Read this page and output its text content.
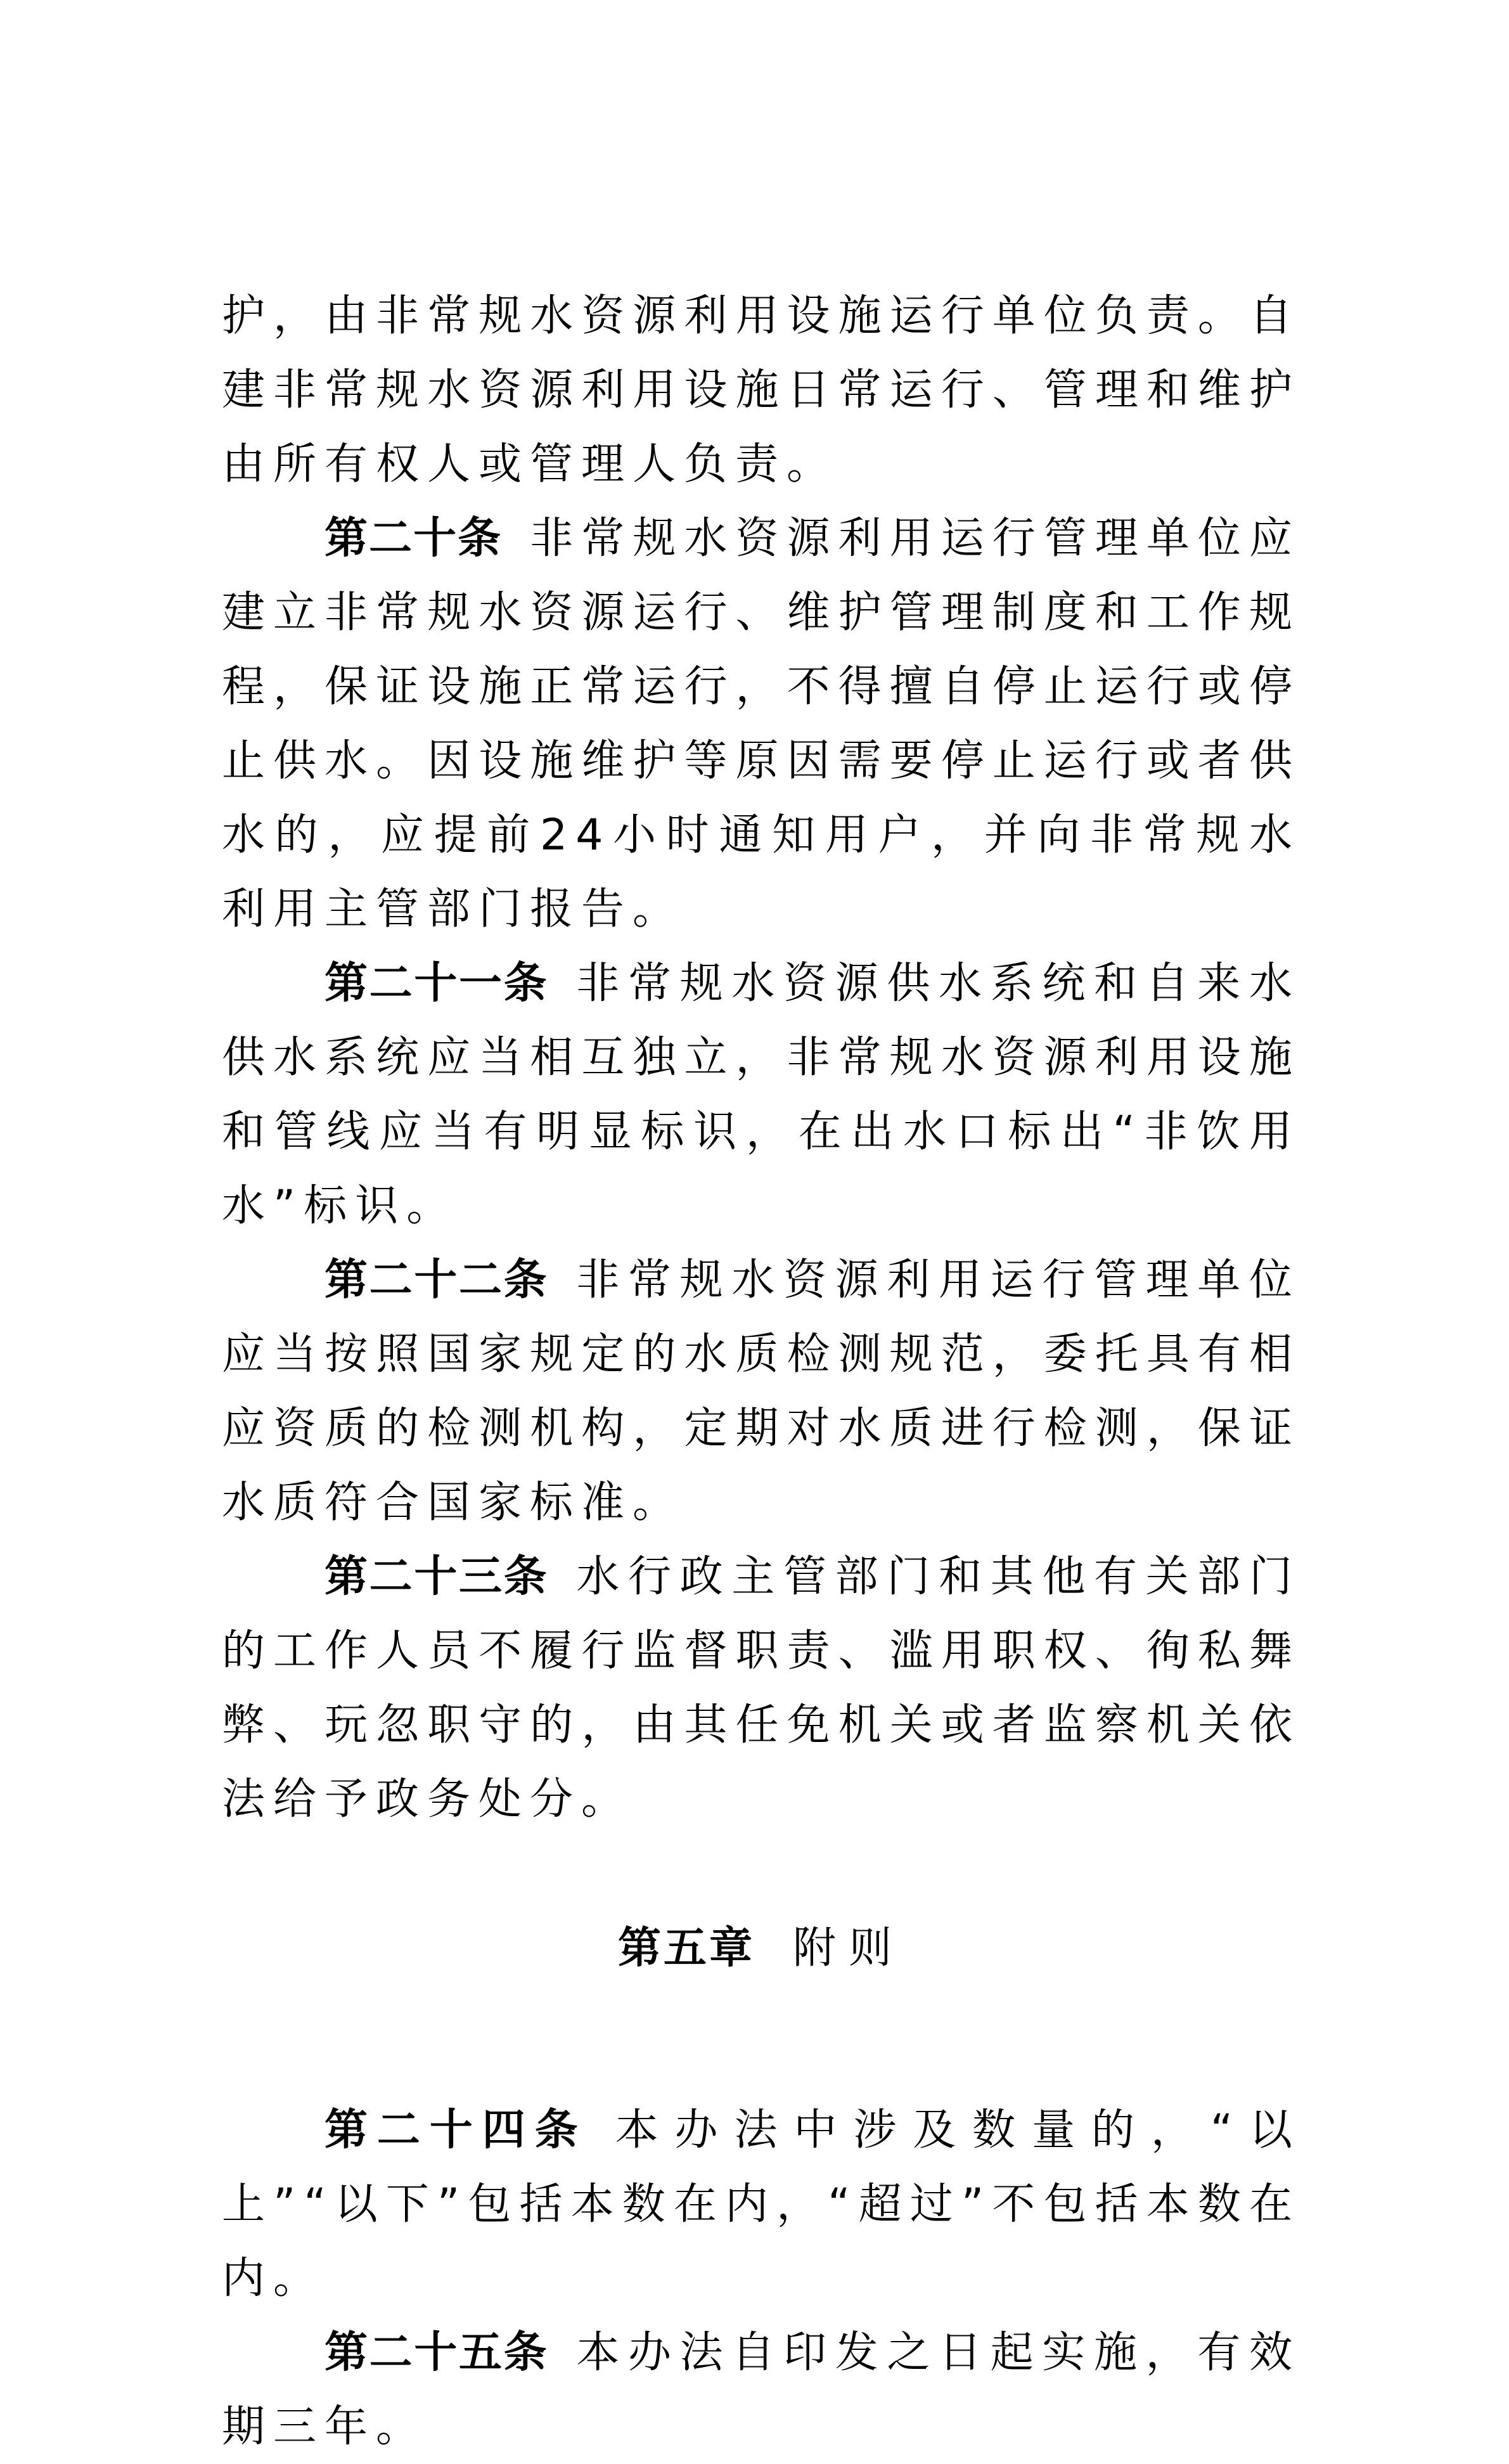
护，由非常规水资源利用设施运行单位负责。自建非常规水资源利用设施日常运行、管理和维护由所有权人或管理人负责。

第二十条 非常规水资源利用运行管理单位应建立非常规水资源运行、维护管理制度和工作规程，保证设施正常运行，不得擅自停止运行或停止供水。因设施维护等原因需要停止运行或者供水的，应提前24小时通知用户，并向非常规水利用主管部门报告。

第二十一条 非常规水资源供水系统和自来水供水系统应当相互独立，非常规水资源利用设施和管线应当有明显标识，在出水口标出“非饮用水”标识。

第二十二条 非常规水资源利用运行管理单位应当按照国家规定的水质检测规范，委托具有相应资质的检测机构，定期对水质进行检测，保证水质符合国家标准。

第二十三条 水行政主管部门和其他有关部门的工作人员不履行监督职责、滥用职权、徇私舞弊、玩忽职守的，由其任免机关或者监察机关依法给予政务处分。

第五章 附则

第二十四条 本办法中涉及数量的，“以上”“以下”包括本数在内，“超过”不包括本数在内。

第二十五条 本办法自印发之日起实施，有效期三年。
